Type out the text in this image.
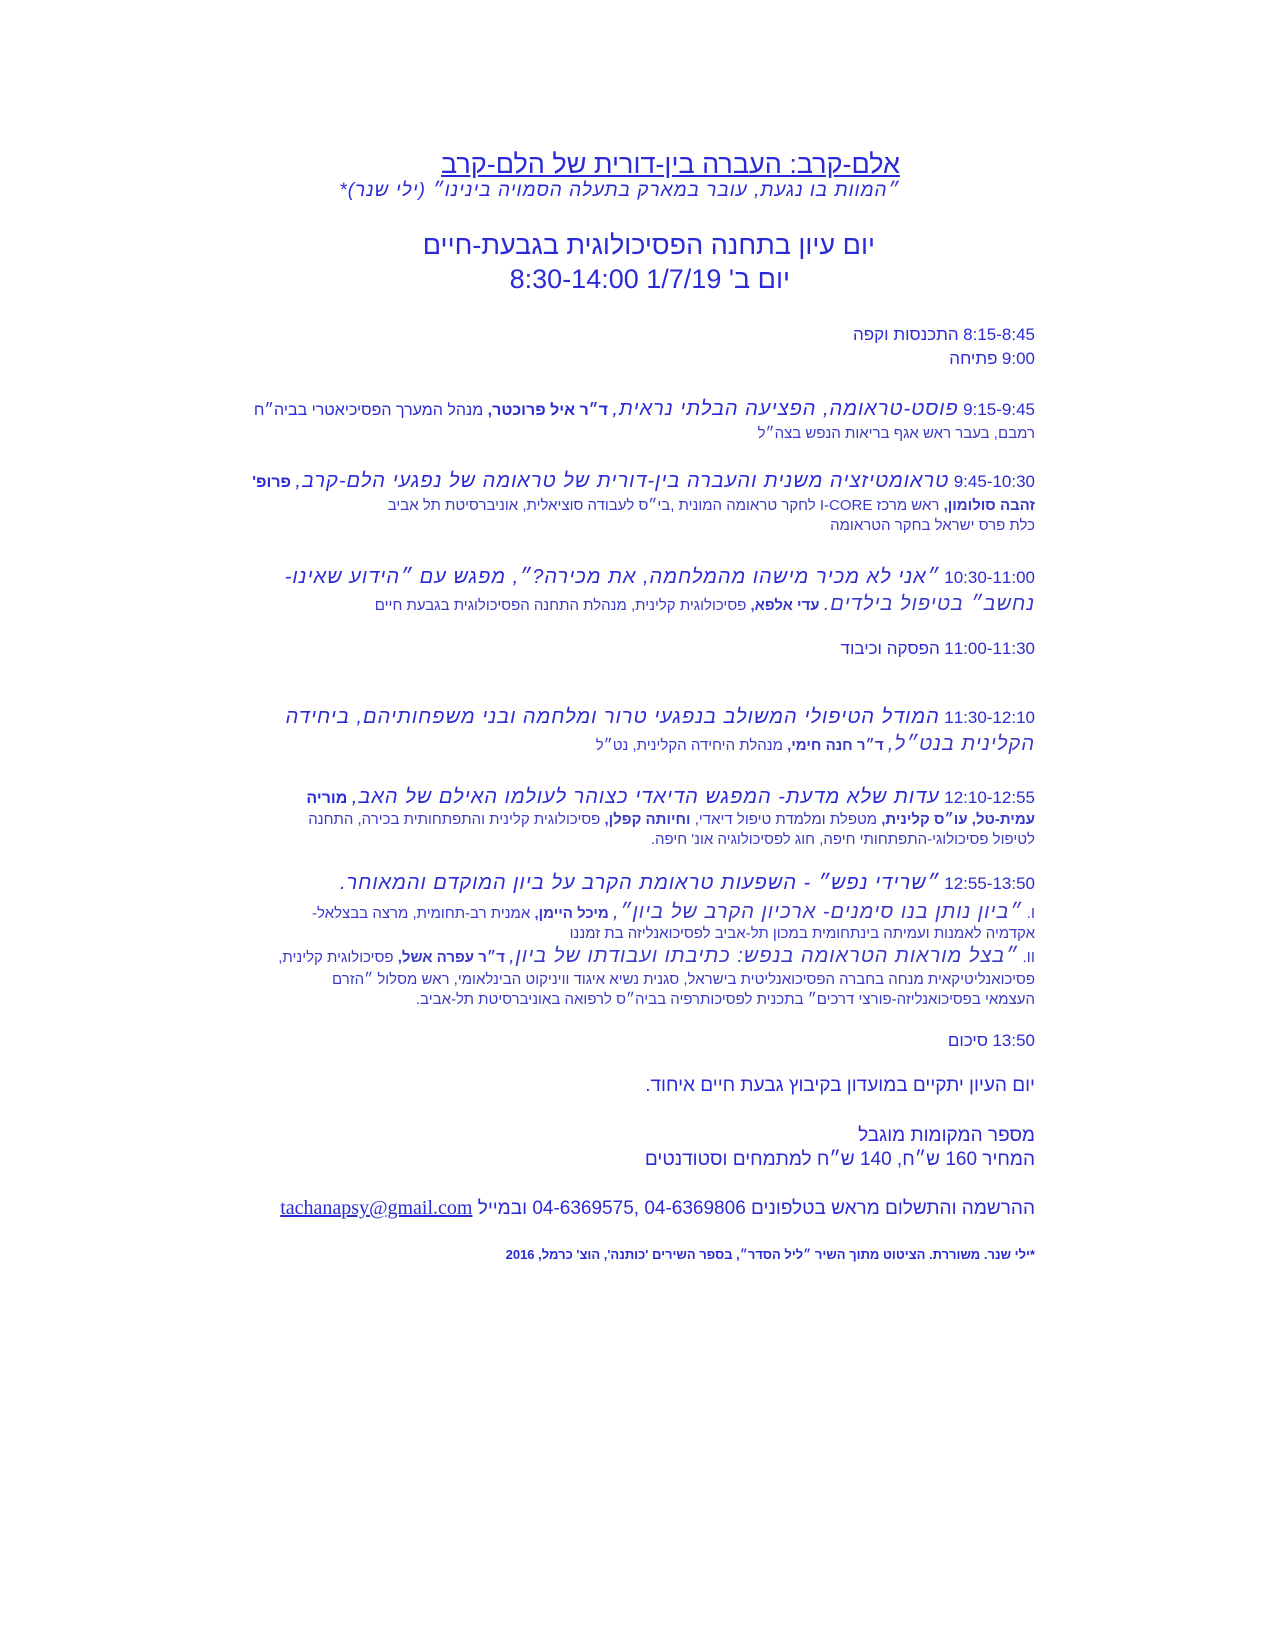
אלם-קרב: העברה בין-דורית של הלם-קרב
״המוות בו נגעת, עובר במארק בתעלה הסמויה בינינו״ (ילי שנר)*
יום עיון בתחנה הפסיכולוגית בגבעת-חיים
יום ב' 1/7/19 8:30-14:00
8:15-8:45 התכנסות וקפה
9:00 פתיחה
9:15-9:45 פוסט-טראומה, הפציעה הבלתי נראית, ד״ר איל פרוכטר, מנהל המערך הפסיכיאטרי בביה״ח
רמבם, בעבר ראש אגף בריאות הנפש בצה״ל
9:45-10:30 טראומטיזציה משנית והעברה בין-דורית של טראומה של נפגעי הלם-קרב, פרופ'
זהבה סולומון, ראש מרכז I-CORE לחקר טראומה המונית ,בי״ס לעבודה סוציאלית, אוניברסיטת תל אביב
כלת פרס ישראל בחקר הטראומה
10:30-11:00 ״אני לא מכיר מישהו מהמלחמה, את מכירה?״, מפגש עם ״הידוע שאינו-
נחשב״ בטיפול בילדים. עדי אלפא, פסיכולוגית קלינית, מנהלת התחנה הפסיכולוגית בגבעת חיים
11:00-11:30 הפסקה וכיבוד
11:30-12:10 המודל הטיפולי המשולב בנפגעי טרור ומלחמה ובני משפחותיהם, ביחידה
הקלינית בנט״ל, ד״ר חנה חימי, מנהלת היחידה הקלינית, נט״ל
12:10-12:55 עדות שלא מדעת- המפגש הדיאדי כצוהר לעולמו האילם של האב, מוריה
עמית-טל, עו״ס קלינית, מטפלת ומלמדת טיפול דיאדי, וחיותה קפלן, פסיכולוגית קלינית והתפתחותית בכירה, התחנה
לטיפול פסיכולוגי-התפתחותי חיפה, חוג לפסיכולוגיה אונ' חיפה.
12:55-13:50 ״שרידי נפש״ - השפעות טראומת הקרב על ביון המוקדם והמאוחר.
I. ״ביון נותן בנו סימנים- ארכיון הקרב של ביון״, מיכל היימן, אמנית רב-תחומית, מרצה בבצלאל-
אקדמיה לאמנות ועמיתה בינתחומית במכון תל-אביב לפסיכואנליזה בת זמננו
II. ״בצל מוראות הטראומה בנפש: כתיבתו ועבודתו של ביון, ד״ר עפרה אשל, פסיכולוגית קלינית,
פסיכואנליטיקאית מנחה בחברה הפסיכואנליטית בישראל, סגנית נשיא איגוד וויניקוט הבינלאומי, ראש מסלול ״הזרם
העצמאי בפסיכואנליזה-פורצי דרכים״ בתכנית לפסיכותרפיה בביה״ס לרפואה באוניברסיטת תל-אביב.
13:50 סיכום
יום העיון יתקיים במועדון בקיבוץ גבעת חיים איחוד.
מספר המקומות מוגבל
המחיר 160 ש״ח, 140 ש״ח למתמחים וסטודנטים
ההרשמה והתשלום מראש בטלפונים 04-6369806 ,04-6369575 ובמייל tachanapsy@gmail.com
*ילי שנר. משוררת. הציטוט מתוך השיר ״ליל הסדר״, בספר השירים 'כותנה', הוצ' כרמל, 2016
